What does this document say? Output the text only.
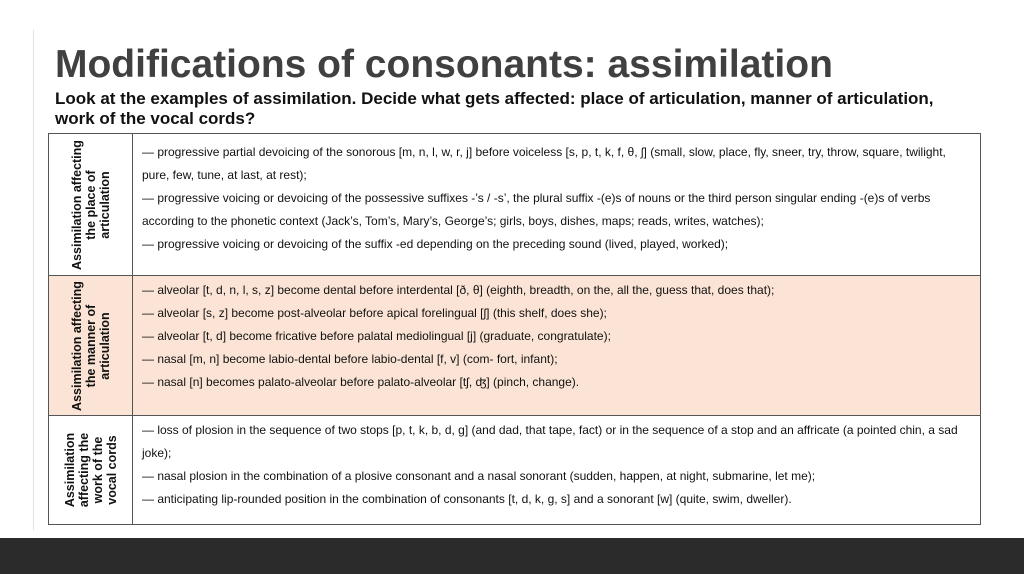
Modifications of consonants: assimilation
Look at the examples of assimilation. Decide what gets affected: place of articulation, manner of articulation, work of the vocal cords?
Assimilation affecting the place of articulation

— progressive partial devoicing of the sonorous [m, n, l, w, r, j] before voiceless [s, p, t, k, f, θ, ʃ] (small, slow, place, fly, sneer, try, throw, square, twilight, pure, few, tune, at last, at rest);

— progressive voicing or devoicing of the possessive suffixes -’s / -s’, the plural suffix -(e)s of nouns or the third person singular ending -(e)s of verbs according to the phonetic context (Jack’s, Tom’s, Mary’s, George’s; girls, boys, dishes, maps; reads, writes, watches);

— progressive voicing or devoicing of the suffix -ed depending on the preceding sound (lived, played, worked);

Assimilation affecting the manner of articulation

— alveolar [t, d, n, l, s, z] become dental before interdental [ð, θ] (eighth, breadth, on the, all the, guess that, does that);

— alveolar [s, z] become post-alveolar before apical forelingual [ʃ] (this shelf, does she);

— alveolar [t, d] become fricative before palatal mediolingual [j] (graduate, congratulate);

— nasal [m, n] become labio-dental before labio-dental [f, v] (com- fort, infant);

— nasal [n] becomes palato-alveolar before palato-alveolar [tʃ, ʤ] (pinch, change).

Assimilation affecting the work of the vocal cords

— loss of plosion in the sequence of two stops [p, t, k, b, d, g] (and dad, that tape, fact) or in the sequence of a stop and an affricate (a pointed chin, a sad joke);

— nasal plosion in the combination of a plosive consonant and a nasal sonorant (sudden, happen, at night, submarine, let me);

— anticipating lip-rounded position in the combination of consonants [t, d, k, g, s] and a sonorant [w] (quite, swim, dweller).
